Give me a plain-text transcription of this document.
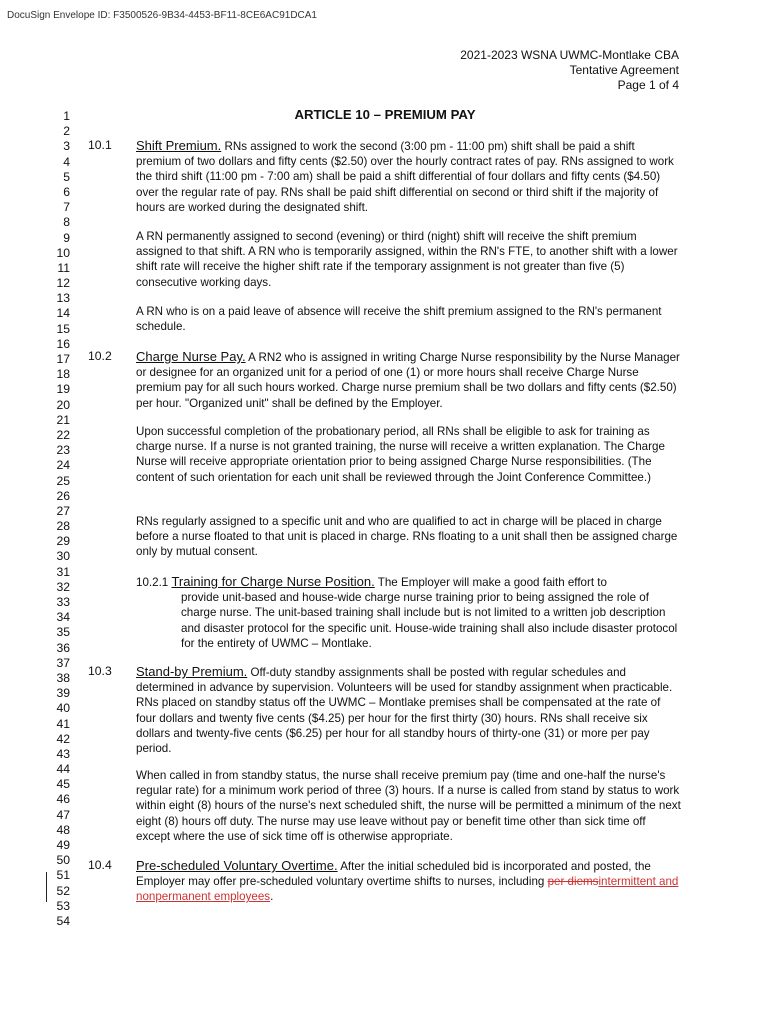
DocuSign Envelope ID: F3500526-9B34-4453-BF11-8CE6AC91DCA1
2021-2023 WSNA UWMC-Montlake CBA
Tentative Agreement
Page 1 of 4
ARTICLE 10 – PREMIUM PAY
1
2
3
4
5
6
7
8
9
10
11
12
13
14
15
16
17
18
19
20
21
22
23
24
25
26
27
28
29
30
31
32
33
34
35
36
37
38
39
40
41
42
43
44
45
46
47
48
49
50
51
52
53
54
10.1 Shift Premium. RNs assigned to work the second (3:00 pm - 11:00 pm) shift shall be paid a shift premium of two dollars and fifty cents ($2.50) over the hourly contract rates of pay. RNs assigned to work the third shift (11:00 pm - 7:00 am) shall be paid a shift differential of four dollars and fifty cents ($4.50) over the regular rate of pay. RNs shall be paid shift differential on second or third shift if the majority of hours are worked during the designated shift.
A RN permanently assigned to second (evening) or third (night) shift will receive the shift premium assigned to that shift. A RN who is temporarily assigned, within the RN's FTE, to another shift with a lower shift rate will receive the higher shift rate if the temporary assignment is not greater than five (5) consecutive working days.
A RN who is on a paid leave of absence will receive the shift premium assigned to the RN's permanent schedule.
10.2 Charge Nurse Pay. A RN2 who is assigned in writing Charge Nurse responsibility by the Nurse Manager or designee for an organized unit for a period of one (1) or more hours shall receive Charge Nurse premium pay for all such hours worked. Charge nurse premium shall be two dollars and fifty cents ($2.50) per hour. "Organized unit" shall be defined by the Employer.
Upon successful completion of the probationary period, all RNs shall be eligible to ask for training as charge nurse. If a nurse is not granted training, the nurse will receive a written explanation. The Charge Nurse will receive appropriate orientation prior to being assigned Charge Nurse responsibilities. (The content of such orientation for each unit shall be reviewed through the Joint Conference Committee.)
RNs regularly assigned to a specific unit and who are qualified to act in charge will be placed in charge before a nurse floated to that unit is placed in charge. RNs floating to a unit shall then be assigned charge only by mutual consent.
10.2.1 Training for Charge Nurse Position. The Employer will make a good faith effort to
provide unit-based and house-wide charge nurse training prior to being assigned the role of charge nurse. The unit-based training shall include but is not limited to a written job description and disaster protocol for the specific unit. House-wide training shall also include disaster protocol for the entirety of UWMC – Montlake.
10.3 Stand-by Premium. Off-duty standby assignments shall be posted with regular schedules and determined in advance by supervision. Volunteers will be used for standby assignment when practicable. RNs placed on standby status off the UWMC – Montlake premises shall be compensated at the rate of four dollars and twenty five cents ($4.25) per hour for the first thirty (30) hours. RNs shall receive six dollars and twenty-five cents ($6.25) per hour for all standby hours of thirty-one (31) or more per pay period.
When called in from standby status, the nurse shall receive premium pay (time and one-half the nurse's regular rate) for a minimum work period of three (3) hours. If a nurse is called from stand by status to work within eight (8) hours of the nurse's next scheduled shift, the nurse will be permitted a minimum of the next eight (8) hours off duty. The nurse may use leave without pay or benefit time other than sick time off except where the use of sick time off is otherwise appropriate.
10.4 Pre-scheduled Voluntary Overtime. After the initial scheduled bid is incorporated and posted, the Employer may offer pre-scheduled voluntary overtime shifts to nurses, including per diemsintermittent and nonpermanent employees.
